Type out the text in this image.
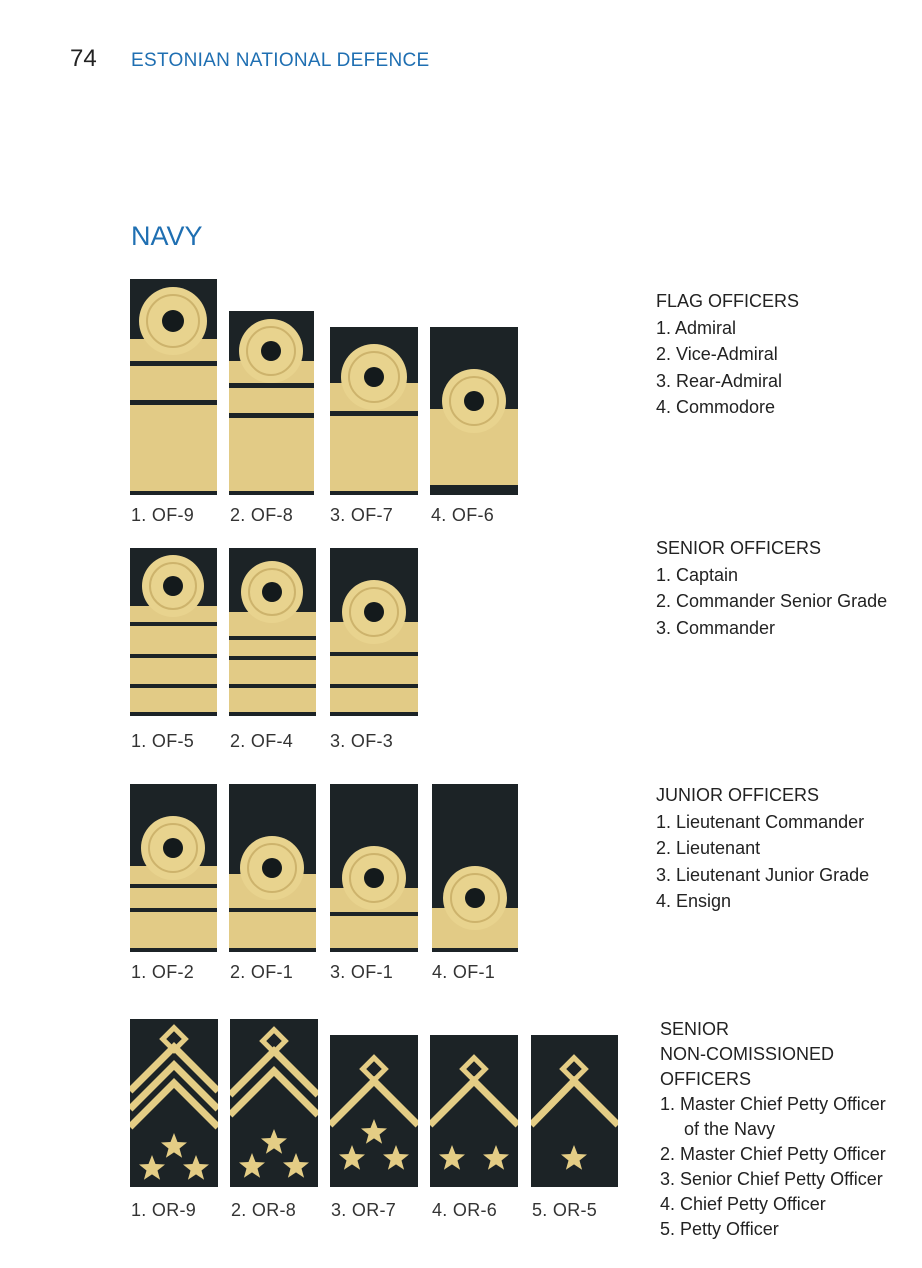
74 ESTONIAN NATIONAL DEFENCE
NAVY
1. OF-9 2. OF-8 3. OF-7 4. OF-6
FLAG OFFICERS
1. Admiral
2. Vice-Admiral
3. Rear-Admiral
4. Commodore
1. OF-5 2. OF-4 3. OF-3
SENIOR OFFICERS
1. Captain
2. Commander Senior Grade
3. Commander
1. OF-2 2. OF-1 3. OF-1 4. OF-1
JUNIOR OFFICERS
1. Lieutenant Commander
2. Lieutenant
3. Lieutenant Junior Grade
4. Ensign
1. OR-9 2. OR-8 3. OR-7 4. OR-6 5. OR-5
SENIOR
NON-COMISSIONED
OFFICERS
1. Master Chief Petty Officer
of the Navy
2. Master Chief Petty Officer
3. Senior Chief Petty Officer
4. Chief Petty Officer
5. Petty Officer
